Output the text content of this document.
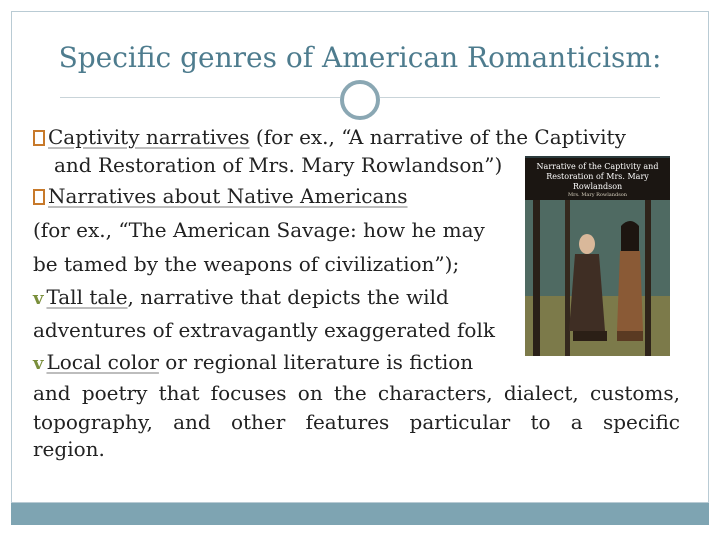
Specific genres of American Romanticism:
Narrative of the Captivity and Restoration of Mrs. Mary Rowlandson
Mrs. Mary Rowlandson
Captivity narratives (for ex., “A narrative of the Captivity
and Restoration of Mrs. Mary Rowlandson”)
Narratives about Native Americans
(for ex., “The American Savage: how he may
be tamed by the weapons of civilization”);
v Tall tale, narrative that depicts the wild
adventures of extravagantly exaggerated folk
v Local color or regional literature is fiction
and poetry that focuses on the characters, dialect, customs,
topography, and other features particular to a specific
region.
